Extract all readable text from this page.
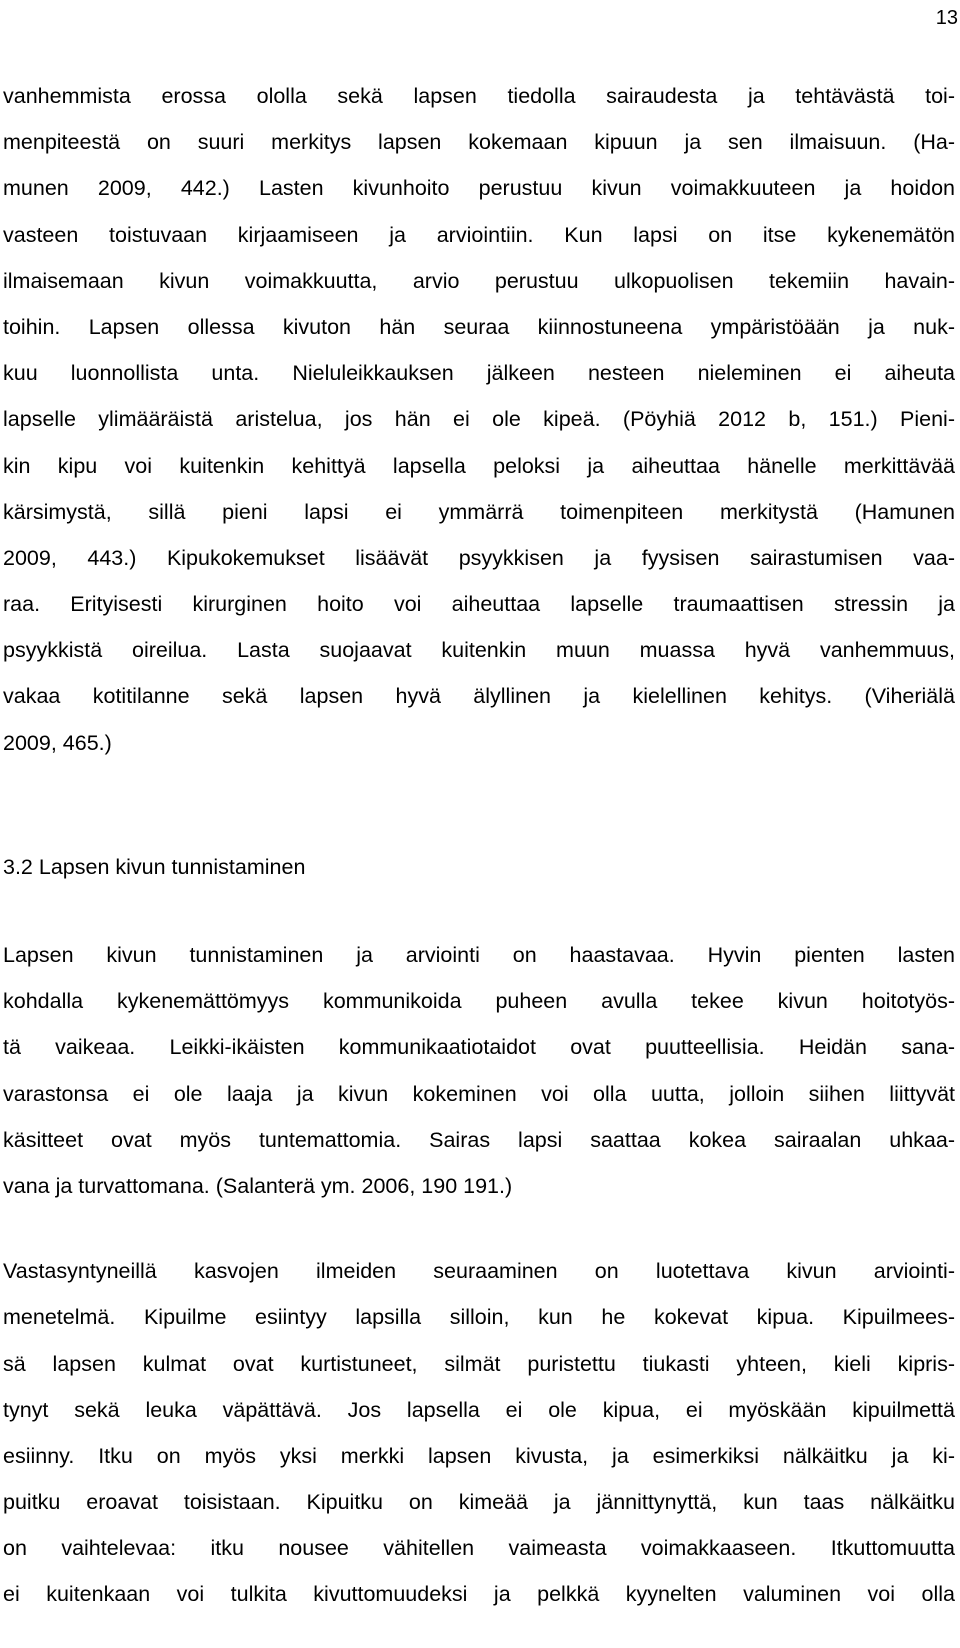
13
vanhemmista erossa ololla sekä lapsen tiedolla sairaudesta ja tehtävästä toi-
menpiteestä on suuri merkitys lapsen kokemaan kipuun ja sen ilmaisuun. (Ha-
munen 2009, 442.) Lasten kivunhoito perustuu kivun voimakkuuteen ja hoidon
vasteen toistuvaan kirjaamiseen ja arviointiin. Kun lapsi on itse kykenemätön
ilmaisemaan kivun voimakkuutta, arvio perustuu ulkopuolisen tekemiin havain-
toihin. Lapsen ollessa kivuton hän seuraa kiinnostuneena ympäristöään ja nuk-
kuu luonnollista unta. Nieluleikkauksen jälkeen nesteen nieleminen ei aiheuta
lapselle ylimääräistä aristelua, jos hän ei ole kipeä. (Pöyhiä 2012 b, 151.) Pieni-
kin kipu voi kuitenkin kehittyä lapsella peloksi ja aiheuttaa hänelle merkittävää
kärsimystä, sillä pieni lapsi ei ymmärrä toimenpiteen merkitystä (Hamunen
2009, 443.) Kipukokemukset lisäävät psyykkisen ja fyysisen sairastumisen vaa-
raa. Erityisesti kirurginen hoito voi aiheuttaa lapselle traumaattisen stressin ja
psyykkistä oireilua. Lasta suojaavat kuitenkin muun muassa hyvä vanhemmuus,
vakaa kotitilanne sekä lapsen hyvä älyllinen ja kielellinen kehitys. (Viheriälä
2009, 465.)
3.2 Lapsen kivun tunnistaminen
Lapsen kivun tunnistaminen ja arviointi on haastavaa. Hyvin pienten lasten
kohdalla kykenemättömyys kommunikoida puheen avulla tekee kivun hoitotyös-
tä vaikeaa. Leikki-ikäisten kommunikaatiotaidot ovat puutteellisia. Heidän sana-
varastonsa ei ole laaja ja kivun kokeminen voi olla uutta, jolloin siihen liittyvät
käsitteet ovat myös tuntemattomia. Sairas lapsi saattaa kokea sairaalan uhkaa-
vana ja turvattomana. (Salanterä ym. 2006, 190 191.)
Vastasyntyneillä kasvojen ilmeiden seuraaminen on luotettava kivun arviointi-
menetelmä. Kipuilme esiintyy lapsilla silloin, kun he kokevat kipua. Kipuilmees-
sä lapsen kulmat ovat kurtistuneet, silmät puristettu tiukasti yhteen, kieli kipris-
tynyt sekä leuka väpättävä. Jos lapsella ei ole kipua, ei myöskään kipuilmettä
esiinny. Itku on myös yksi merkki lapsen kivusta, ja esimerkiksi nälkäitku ja ki-
puitku eroavat toisistaan. Kipuitku on kimeää ja jännittynyttä, kun taas nälkäitku
on vaihtelevaa: itku nousee vähitellen vaimeasta voimakkaaseen. Itkuttomuutta
ei kuitenkaan voi tulkita kivuttomuudeksi ja pelkkä kyynelten valuminen voi olla
